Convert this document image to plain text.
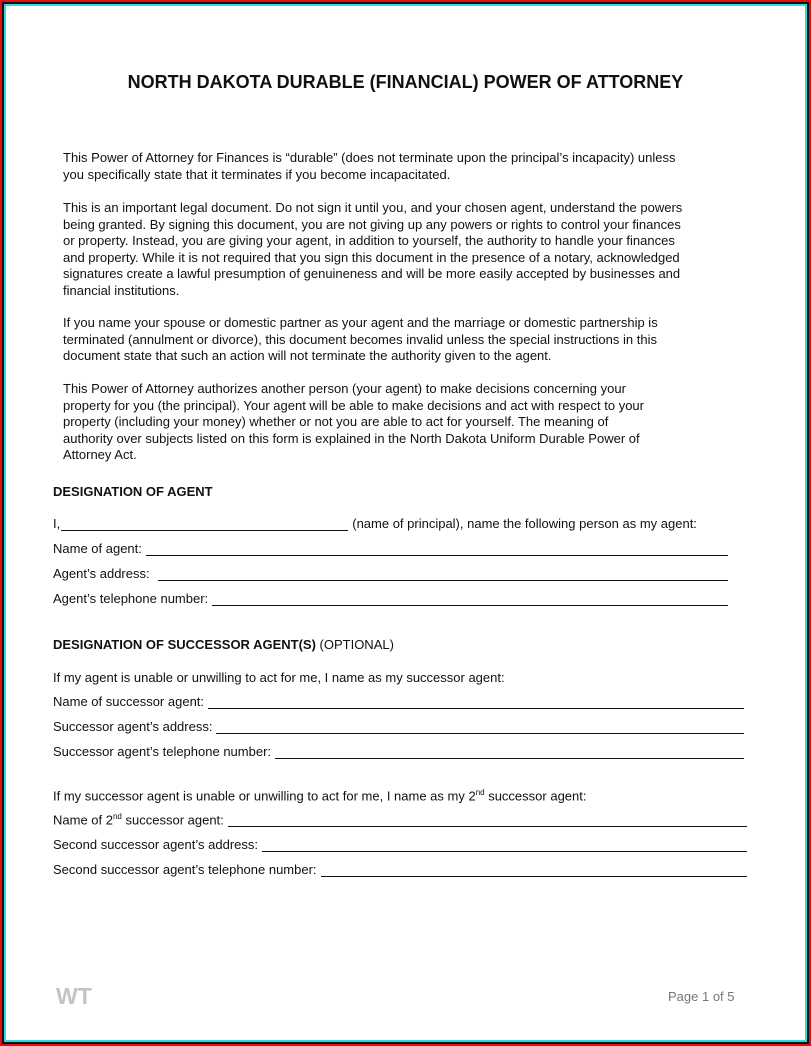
NORTH DAKOTA DURABLE (FINANCIAL) POWER OF ATTORNEY
This Power of Attorney for Finances is “durable” (does not terminate upon the principal’s incapacity) unless
you specifically state that it terminates if you become incapacitated.
This is an important legal document. Do not sign it until you, and your chosen agent, understand the powers
being granted. By signing this document, you are not giving up any powers or rights to control your finances
or property. Instead, you are giving your agent, in addition to yourself, the authority to handle your finances
and property. While it is not required that you sign this document in the presence of a notary, acknowledged
signatures create a lawful presumption of genuineness and will be more easily accepted by businesses and
financial institutions.
If you name your spouse or domestic partner as your agent and the marriage or domestic partnership is
terminated (annulment or divorce), this document becomes invalid unless the special instructions in this
document state that such an action will not terminate the authority given to the agent.
This Power of Attorney authorizes another person (your agent) to make decisions concerning your
property for you (the principal). Your agent will be able to make decisions and act with respect to your
property (including your money) whether or not you are able to act for yourself. The meaning of
authority over subjects listed on this form is explained in the North Dakota Uniform Durable Power of
Attorney Act.
DESIGNATION OF AGENT
I,	(name of principal), name the following person as my agent:
Name of agent:
Agent’s address:
Agent’s telephone number:
DESIGNATION OF SUCCESSOR AGENT(S) (OPTIONAL)
If my agent is unable or unwilling to act for me, I name as my successor agent:
Name of successor agent:
Successor agent’s address:
Successor agent’s telephone number:
If my successor agent is unable or unwilling to act for me, I name as my 2nd successor agent:
Name of 2nd successor agent:
Second successor agent’s address:
Second successor agent’s telephone number:
WT	Page 1 of 5
